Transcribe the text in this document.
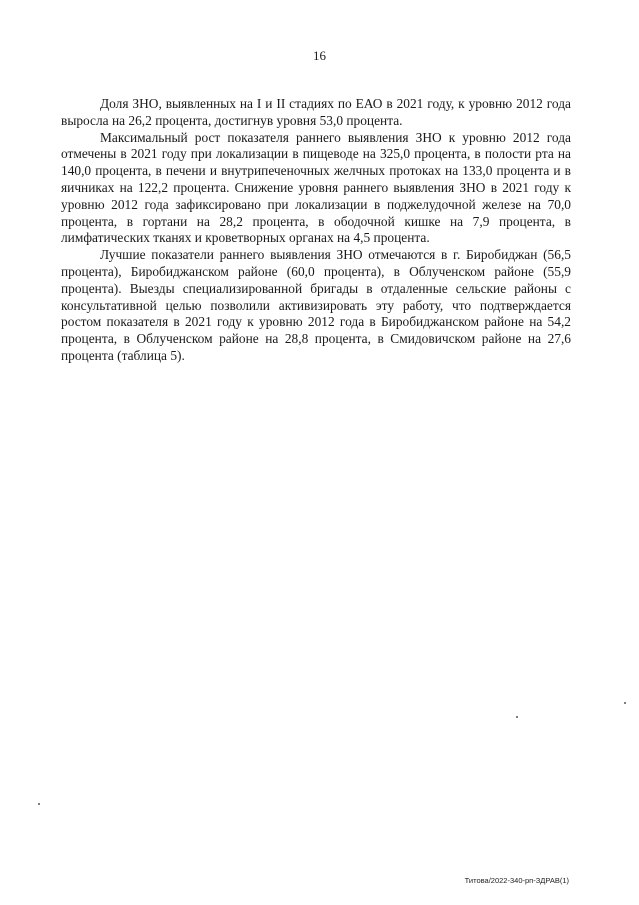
16

Доля ЗНО, выявленных на I и II стадиях по ЕАО в 2021 году, к уровню 2012 года выросла на 26,2 процента, достигнув уровня 53,0 процента.

Максимальный рост показателя раннего выявления ЗНО к уровню 2012 года отмечены в 2021 году при локализации в пищеводе на 325,0 процента, в полости рта на 140,0 процента, в печени и внутрипеченочных желчных протоках на 133,0 процента и в яичниках на 122,2 процента. Снижение уровня раннего выявления ЗНО в 2021 году к уровню 2012 года зафиксировано при локализации в поджелудочной железе на 70,0 процента, в гортани на 28,2 процента, в ободочной кишке на 7,9 процента, в лимфатических тканях и кроветворных органах на 4,5 процента.

Лучшие показатели раннего выявления ЗНО отмечаются в г. Биробиджан (56,5 процента), Биробиджанском районе (60,0 процента), в Облученском районе (55,9 процента). Выезды специализированной бригады в отдаленные сельские районы с консультативной целью позволили активизировать эту работу, что подтверждается ростом показателя в 2021 году к уровню 2012 года в Биробиджанском районе на 54,2 процента, в Облученском районе на 28,8 процента, в Смидовичском районе на 27,6 процента (таблица 5).

Титова/2022-340-рп-ЗДРАВ(1)
